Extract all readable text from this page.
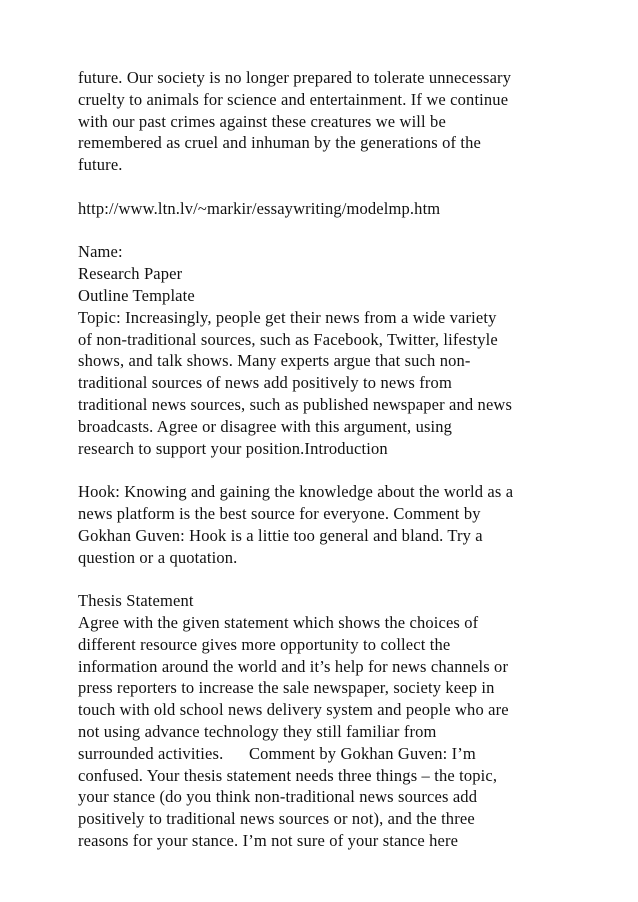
future. Our society is no longer prepared to tolerate unnecessary
cruelty to animals for science and entertainment. If we continue
with our past crimes against these creatures we will be
remembered as cruel and inhuman by the generations of the
future.
http://www.ltn.lv/~markir/essaywriting/modelmp.htm
Name:
Research Paper
Outline Template
Topic: Increasingly, people get their news from a wide variety
of non-traditional sources, such as Facebook, Twitter, lifestyle
shows, and talk shows. Many experts argue that such non-
traditional sources of news add positively to news from
traditional news sources, such as published newspaper and news
broadcasts. Agree or disagree with this argument, using
research to support your position.Introduction
Hook: Knowing and gaining the knowledge about the world as a
news platform is the best source for everyone. Comment by
Gokhan Guven: Hook is a littie too general and bland. Try a
question or a quotation.
Thesis Statement
Agree with the given statement which shows the choices of
different resource gives more opportunity to collect the
information around the world and it’s help for news channels or
press reporters to increase the sale newspaper, society keep in
touch with old school news delivery system and people who are
not using advance technology they still familiar from
surrounded activities.      Comment by Gokhan Guven: I’m
confused. Your thesis statement needs three things – the topic,
your stance (do you think non-traditional news sources add
positively to traditional news sources or not), and the three
reasons for your stance. I’m not sure of your stance here
